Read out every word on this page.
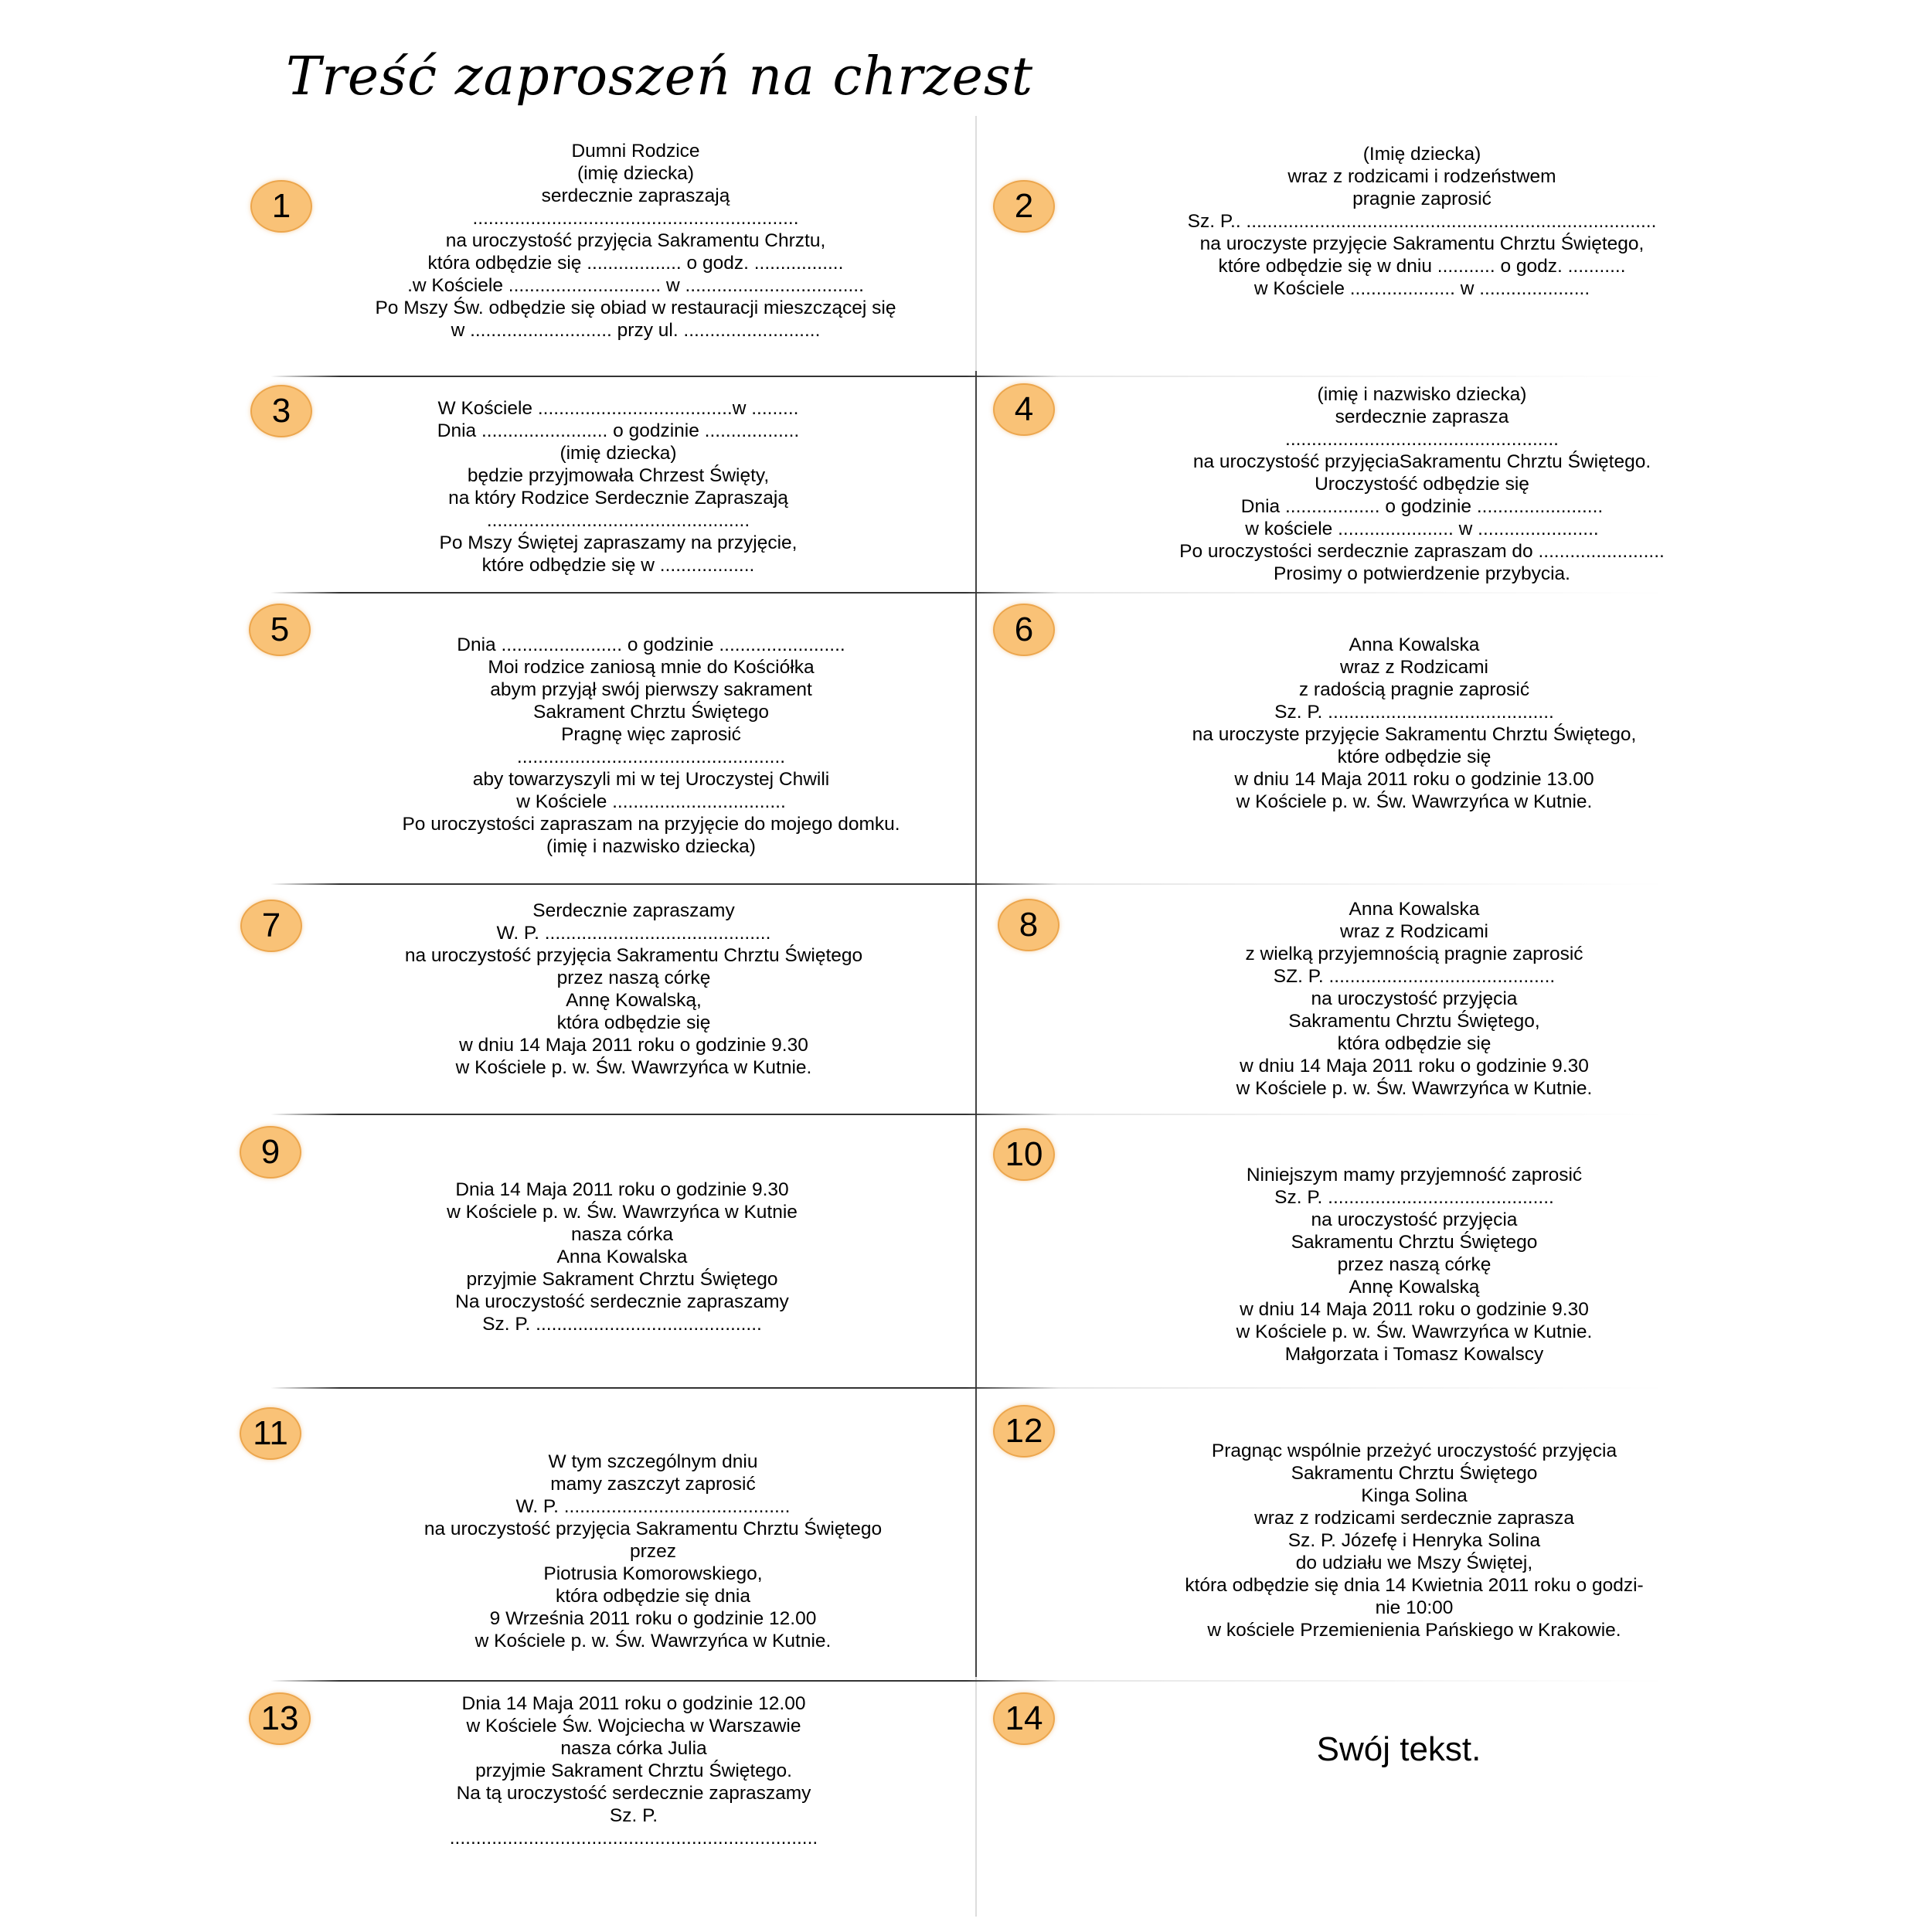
Treść zaproszeń na chrzest
1
Dumni Rodzice
(imię dziecka)
serdecznie zapraszają
..............................................................
na uroczystość przyjęcia Sakramentu Chrztu,
która odbędzie się .................. o godz. .................
.w Kościele ............................. w ..................................
Po Mszy Św. odbędzie się obiad w restauracji mieszczącej się
w ........................... przy ul. ..........................
2
(Imię dziecka)
wraz z rodzicami i rodzeństwem
pragnie zaprosić
Sz. P.. ..............................................................................
na uroczyste przyjęcie Sakramentu Chrztu Świętego,
które odbędzie się w dniu ........... o godz. ...........
w Kościele .................... w .....................
3	W Kościele .....................................w .........
Dnia ........................ o godzinie ..................
(imię dziecka)
będzie przyjmowała Chrzest Święty,
na który Rodzice Serdecznie Zapraszają
..................................................
Po Mszy Świętej zapraszamy na przyjęcie,
które odbędzie się w ..................
4	(imię i nazwisko dziecka)
serdecznie zaprasza
....................................................
na uroczystość przyjęciaSakramentu Chrztu Świętego.
Uroczystość odbędzie się
Dnia .................. o godzinie ........................
w kościele ...................... w .......................
Po uroczystości serdecznie zapraszam do ........................
Prosimy o potwierdzenie przybycia.
5	Dnia ....................... o godzinie ........................
Moi rodzice zaniosą mnie do Kościółka
abym przyjął swój pierwszy sakrament
Sakrament Chrztu Świętego
Pragnę więc zaprosić
...................................................
aby towarzyszyli mi w tej Uroczystej Chwili
w Kościele .................................
Po uroczystości zapraszam na przyjęcie do mojego domku.
(imię i nazwisko dziecka)
6	Anna Kowalska
wraz z Rodzicami
z radością pragnie zaprosić
Sz. P. ...........................................
na uroczyste przyjęcie Sakramentu Chrztu Świętego,
które odbędzie się
w dniu 14 Maja 2011 roku o godzinie 13.00
w Kościele p. w. Św. Wawrzyńca w Kutnie.
7	Serdecznie zapraszamy
W. P. ...........................................
na uroczystość przyjęcia Sakramentu Chrztu Świętego
przez naszą córkę
Annę Kowalską,
która odbędzie się
w dniu 14 Maja 2011 roku o godzinie 9.30
w Kościele p. w. Św. Wawrzyńca w Kutnie.
8	Anna Kowalska
wraz z Rodzicami
z wielką przyjemnością pragnie zaprosić
SZ. P. ...........................................
na uroczystość przyjęcia
Sakramentu Chrztu Świętego,
która odbędzie się
w dniu 14 Maja 2011 roku o godzinie 9.30
w Kościele p. w. Św. Wawrzyńca w Kutnie.
9
Dnia 14 Maja 2011 roku o godzinie 9.30
w Kościele p. w. Św. Wawrzyńca w Kutnie
nasza córka
Anna Kowalska
przyjmie Sakrament Chrztu Świętego
Na uroczystość serdecznie zapraszamy
Sz. P. ...........................................
10
Niniejszym mamy przyjemność zaprosić
Sz. P. ...........................................
na uroczystość przyjęcia
Sakramentu Chrztu Świętego
przez naszą córkę
Annę Kowalską
w dniu 14 Maja 2011 roku o godzinie 9.30
w Kościele p. w. Św. Wawrzyńca w Kutnie.
Małgorzata i Tomasz Kowalscy
11
W tym szczególnym dniu
mamy zaszczyt zaprosić
W. P. ...........................................
na uroczystość przyjęcia Sakramentu Chrztu Świętego
przez
Piotrusia Komorowskiego,
która odbędzie się dnia
9 Września 2011 roku o godzinie 12.00
w Kościele p. w. Św. Wawrzyńca w Kutnie.
12
Pragnąc wspólnie przeżyć uroczystość przyjęcia
Sakramentu Chrztu Świętego
Kinga Solina
wraz z rodzicami serdecznie zaprasza
Sz. P. Józefę i Henryka Solina
do udziału we Mszy Świętej,
która odbędzie się dnia 14 Kwietnia 2011 roku o godzi-
nie 10:00
w kościele Przemienienia Pańskiego w Krakowie.
13	Dnia 14 Maja 2011 roku o godzinie 12.00
w Kościele Św. Wojciecha w Warszawie
nasza córka Julia
przyjmie Sakrament Chrztu Świętego.
Na tą uroczystość serdecznie zapraszamy
Sz. P.
......................................................................
14
Swój tekst.
